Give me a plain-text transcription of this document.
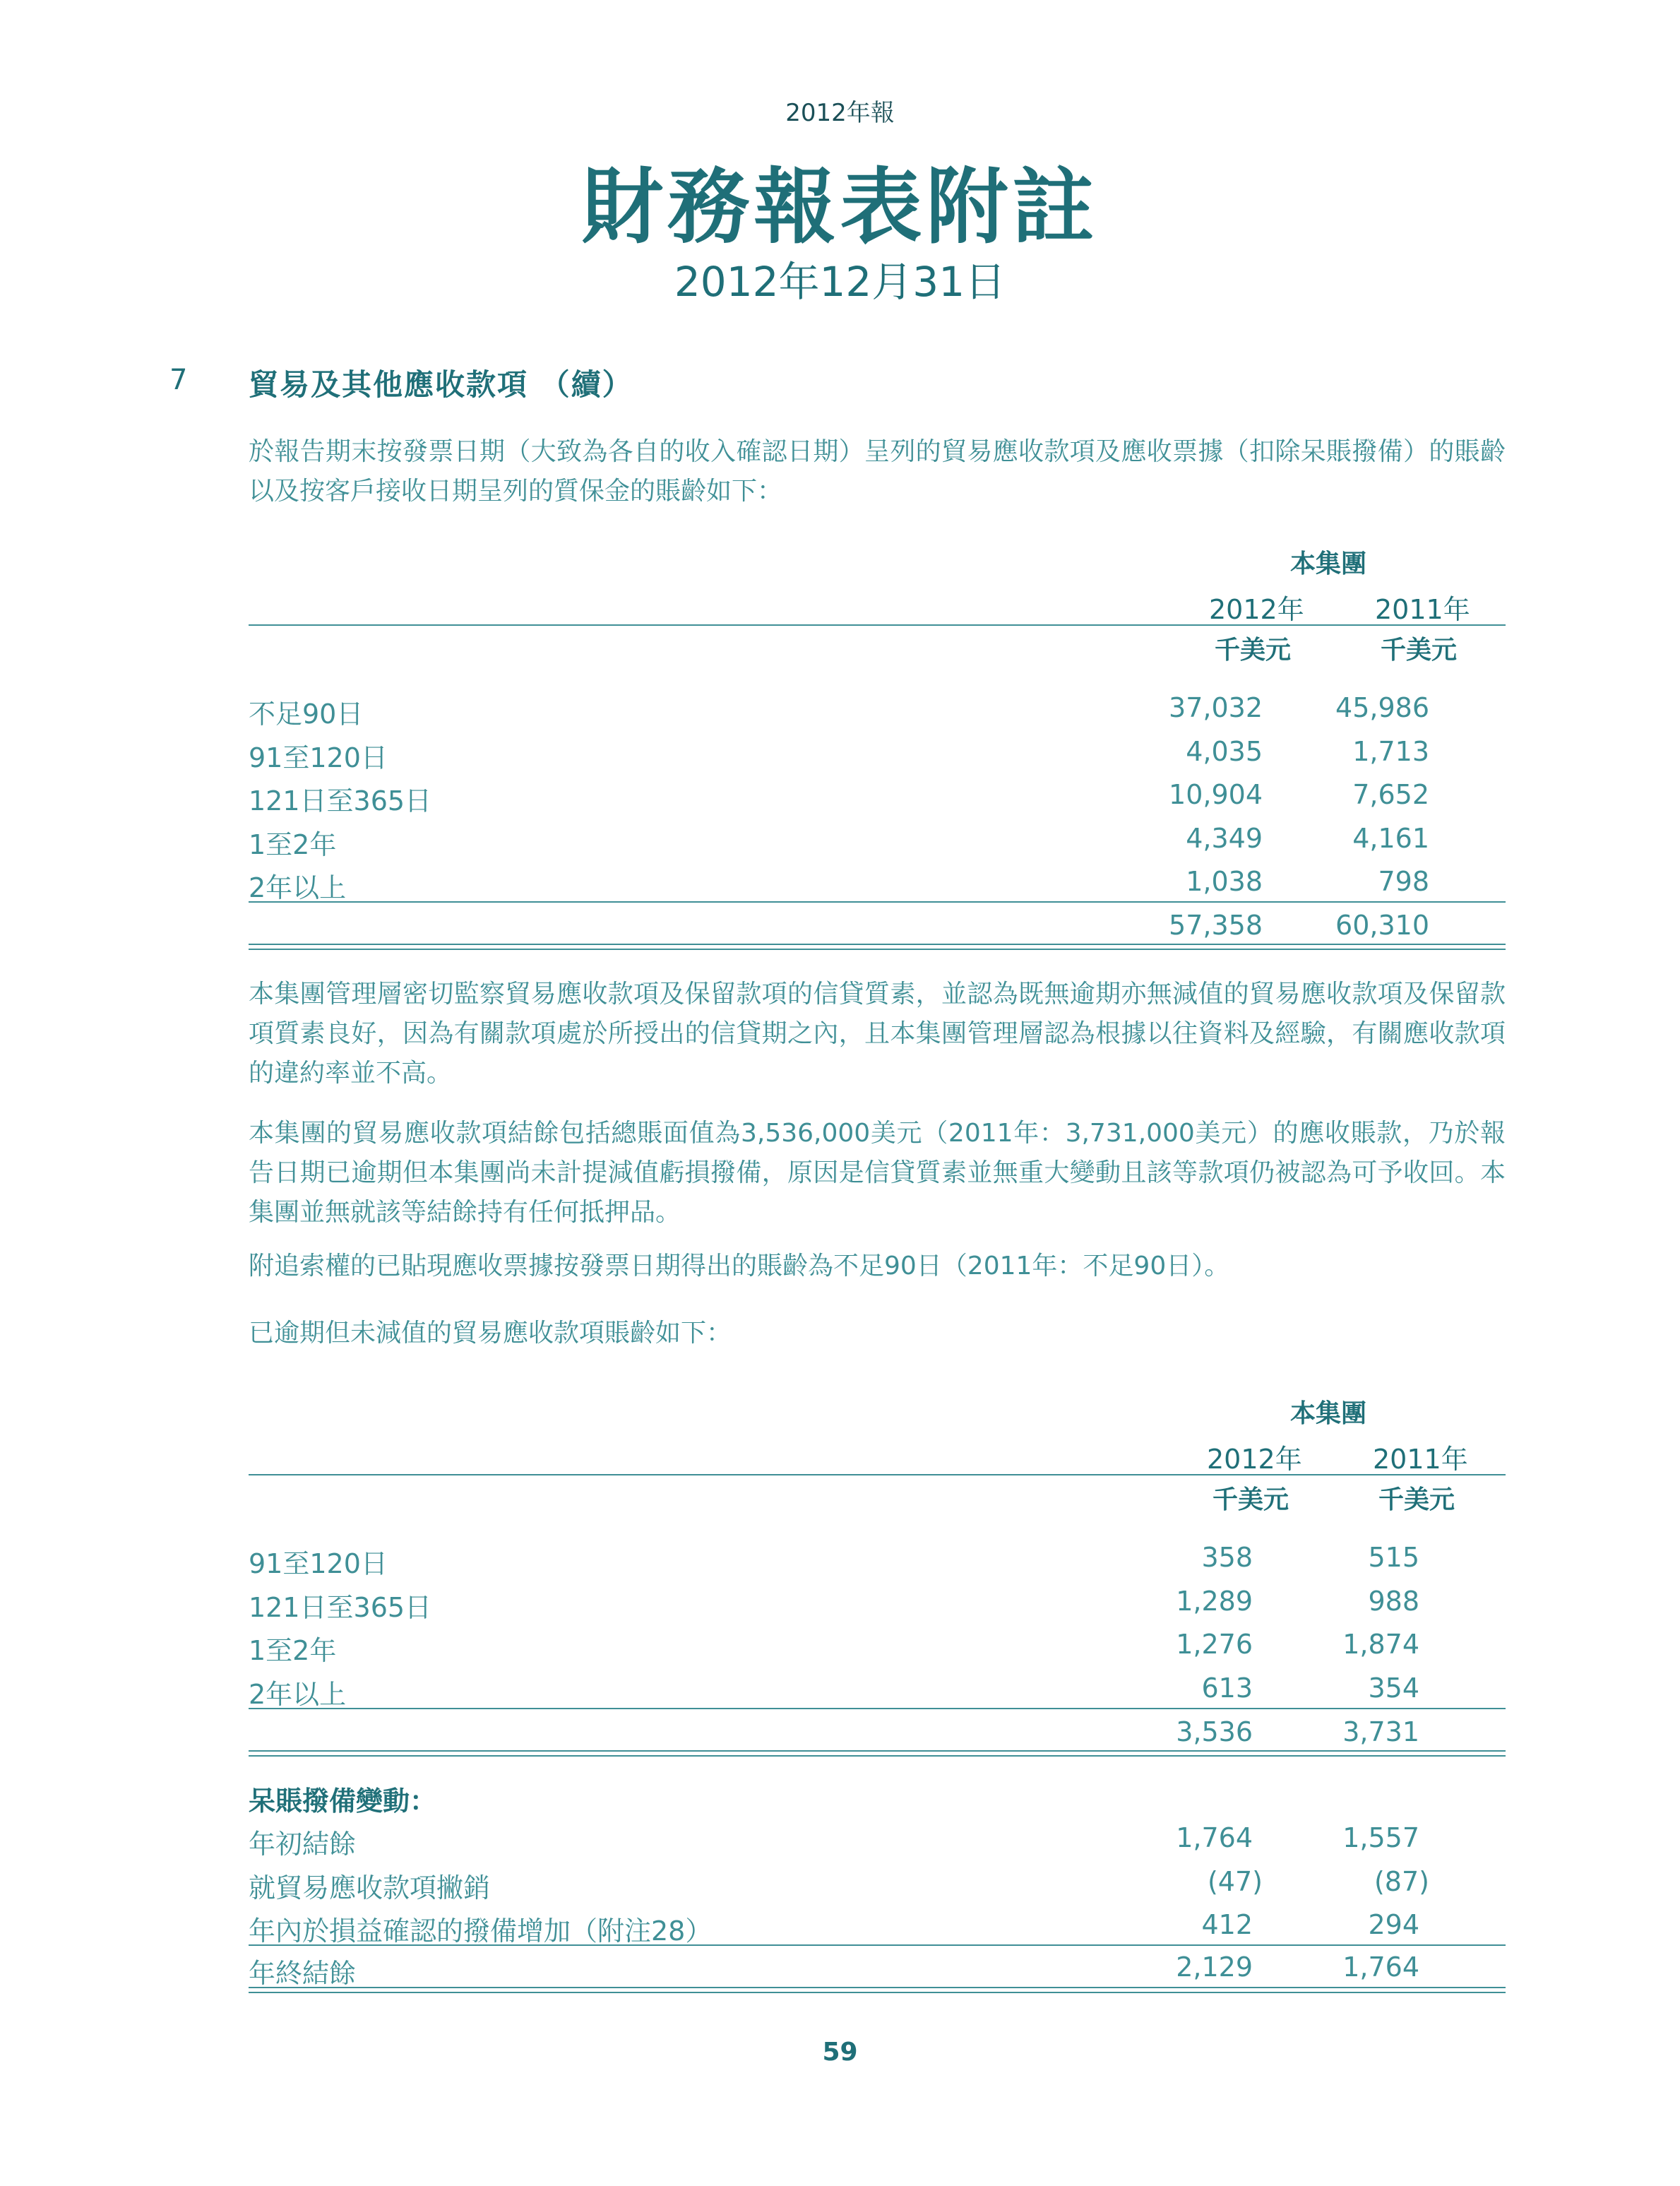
2012年報
財務報表附註
2012年12月31日
7 貿易及其他應收款項 （續）
於報告期末按發票日期（大致為各自的收入確認日期）呈列的貿易應收款項及應收票據（扣除呆賬撥備）的賬齡以及按客戶接收日期呈列的質保金的賬齡如下：
本集團
2012年	2011年
千美元	千美元
不足90日	37,032	45,986
91至120日	4,035	1,713
121日至365日	10,904	7,652
1至2年	4,349	4,161
2年以上	1,038	798
57,358	60,310
本集團管理層密切監察貿易應收款項及保留款項的信貸質素，並認為既無逾期亦無減值的貿易應收款項及保留款項質素良好，因為有關款項處於所授出的信貸期之內，且本集團管理層認為根據以往資料及經驗，有關應收款項的違約率並不高。
本集團的貿易應收款項結餘包括總賬面值為3,536,000美元（2011年：3,731,000美元）的應收賬款，乃於報告日期已逾期但本集團尚未計提減值虧損撥備，原因是信貸質素並無重大變動且該等款項仍被認為可予收回。本集團並無就該等結餘持有任何抵押品。
附追索權的已貼現應收票據按發票日期得出的賬齡為不足90日（2011年：不足90日）。
已逾期但未減值的貿易應收款項賬齡如下：
本集團
2012年	2011年
千美元	千美元
91至120日	358	515
121日至365日	1,289	988
1至2年	1,276	1,874
2年以上	613	354
3,536	3,731
呆賬撥備變動：
年初結餘	1,764	1,557
就貿易應收款項撇銷	(47)	(87)
年內於損益確認的撥備增加（附注28）	412	294
年終結餘	2,129	1,764
59
